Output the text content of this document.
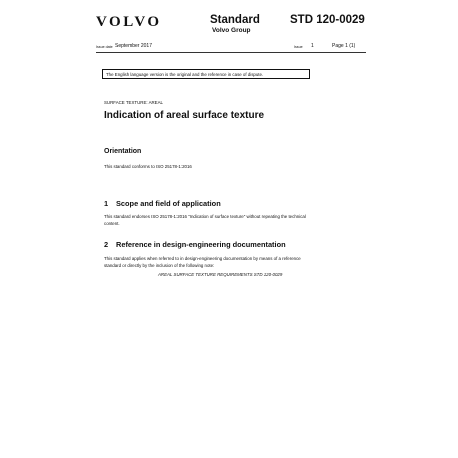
VOLVO	Standard
Volvo Group
STD 120-0029
Issue date September 2017	Issue 1	Page 1 (1)
The English language version is the original and the reference in case of dispute.
SURFACE TEXTURE: AREAL
Indication of areal surface texture
Orientation
This standard conforms to ISO 25178-1:2016
1 Scope and field of application
This standard endorses ISO 25178-1:2016 "Indication of surface texture" without repeating the technical
content.
2 Reference in design-engineering documentation
This standard applies when referred to in design-engineering documentation by means of a reference
standard or directly by the inclusion of the following note:
AREAL SURFACE TEXTURE REQUIREMENTS STD 120-0029
